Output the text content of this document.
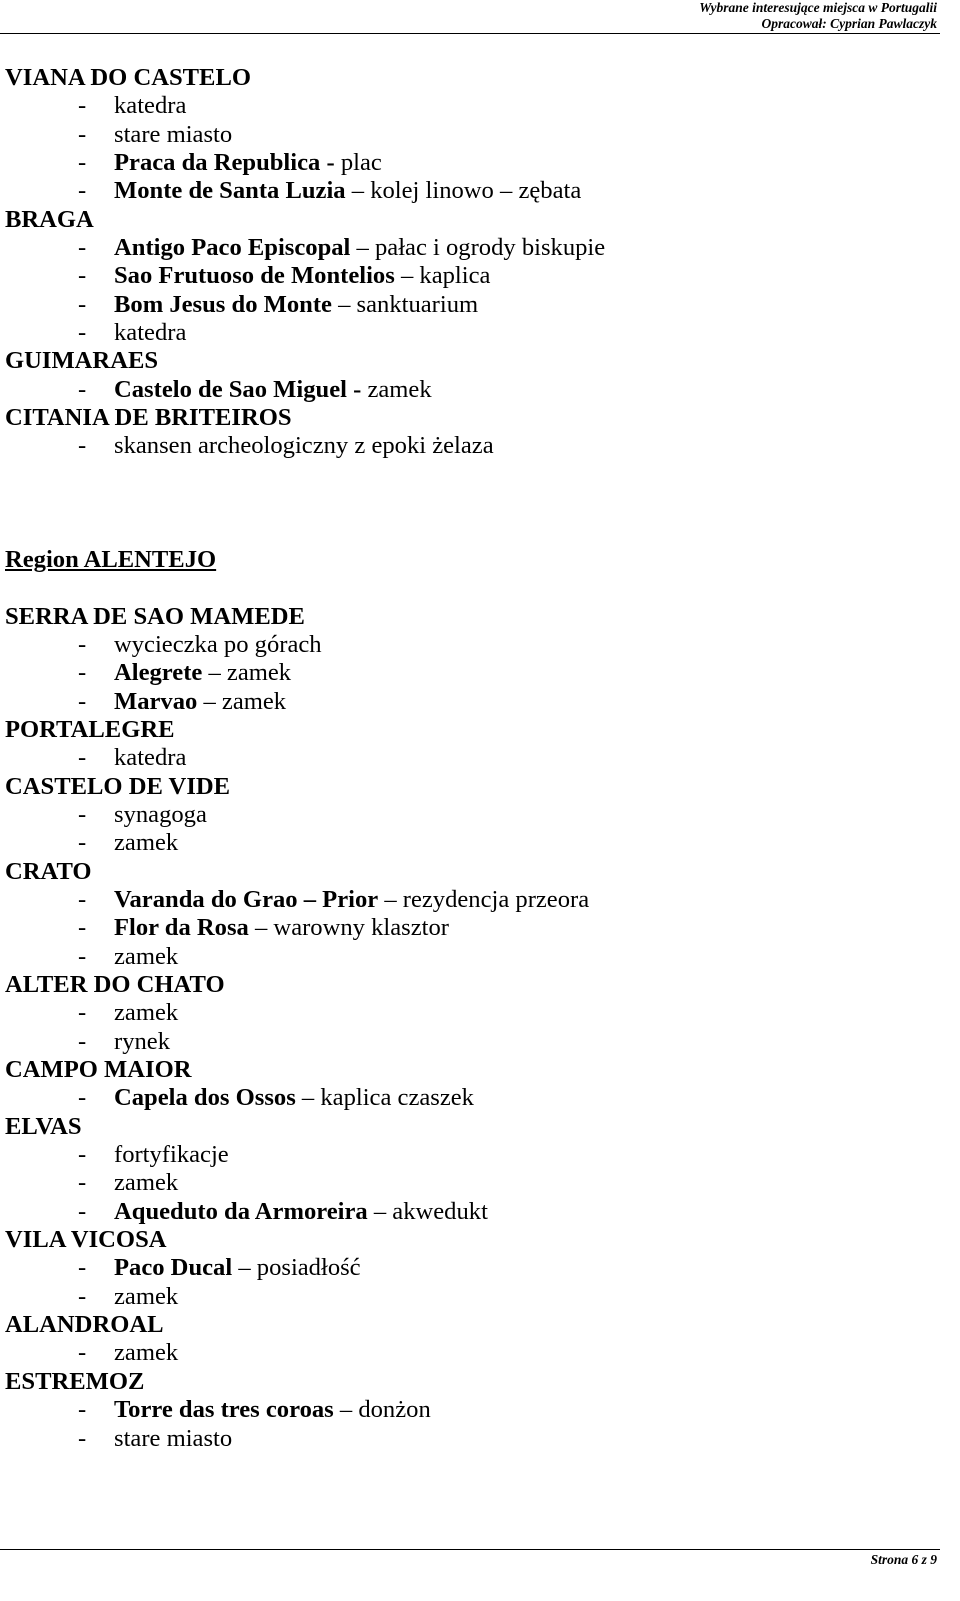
Wybrane interesujące miejsca w Portugalii
Opracował: Cyprian Pawlaczyk
VIANA DO CASTELO
- katedra
- stare miasto
- Praca da Republica - plac
- Monte de Santa Luzia – kolej linowo – zębata
BRAGA
- Antigo Paco Episcopal – pałac i ogrody biskupie
- Sao Frutuoso de Montelios – kaplica
- Bom Jesus do Monte – sanktuarium
- katedra
GUIMARAES
- Castelo de Sao Miguel - zamek
CITANIA DE BRITEIROS
- skansen archeologiczny z epoki żelaza
Region ALENTEJO
SERRA DE SAO MAMEDE
- wycieczka po górach
- Alegrete – zamek
- Marvao – zamek
PORTALEGRE
- katedra
CASTELO DE VIDE
- synagoga
- zamek
CRATO
- Varanda do Grao – Prior – rezydencja przeora
- Flor da Rosa – warowny klasztor
- zamek
ALTER DO CHATO
- zamek
- rynek
CAMPO MAIOR
- Capela dos Ossos – kaplica czaszek
ELVAS
- fortyfikacje
- zamek
- Aqueduto da Armoreira – akwedukt
VILA VICOSA
- Paco Ducal – posiadłość
- zamek
ALANDROAL
- zamek
ESTREMOZ
- Torre das tres coroas – donżon
- stare miasto
Strona 6 z 9
